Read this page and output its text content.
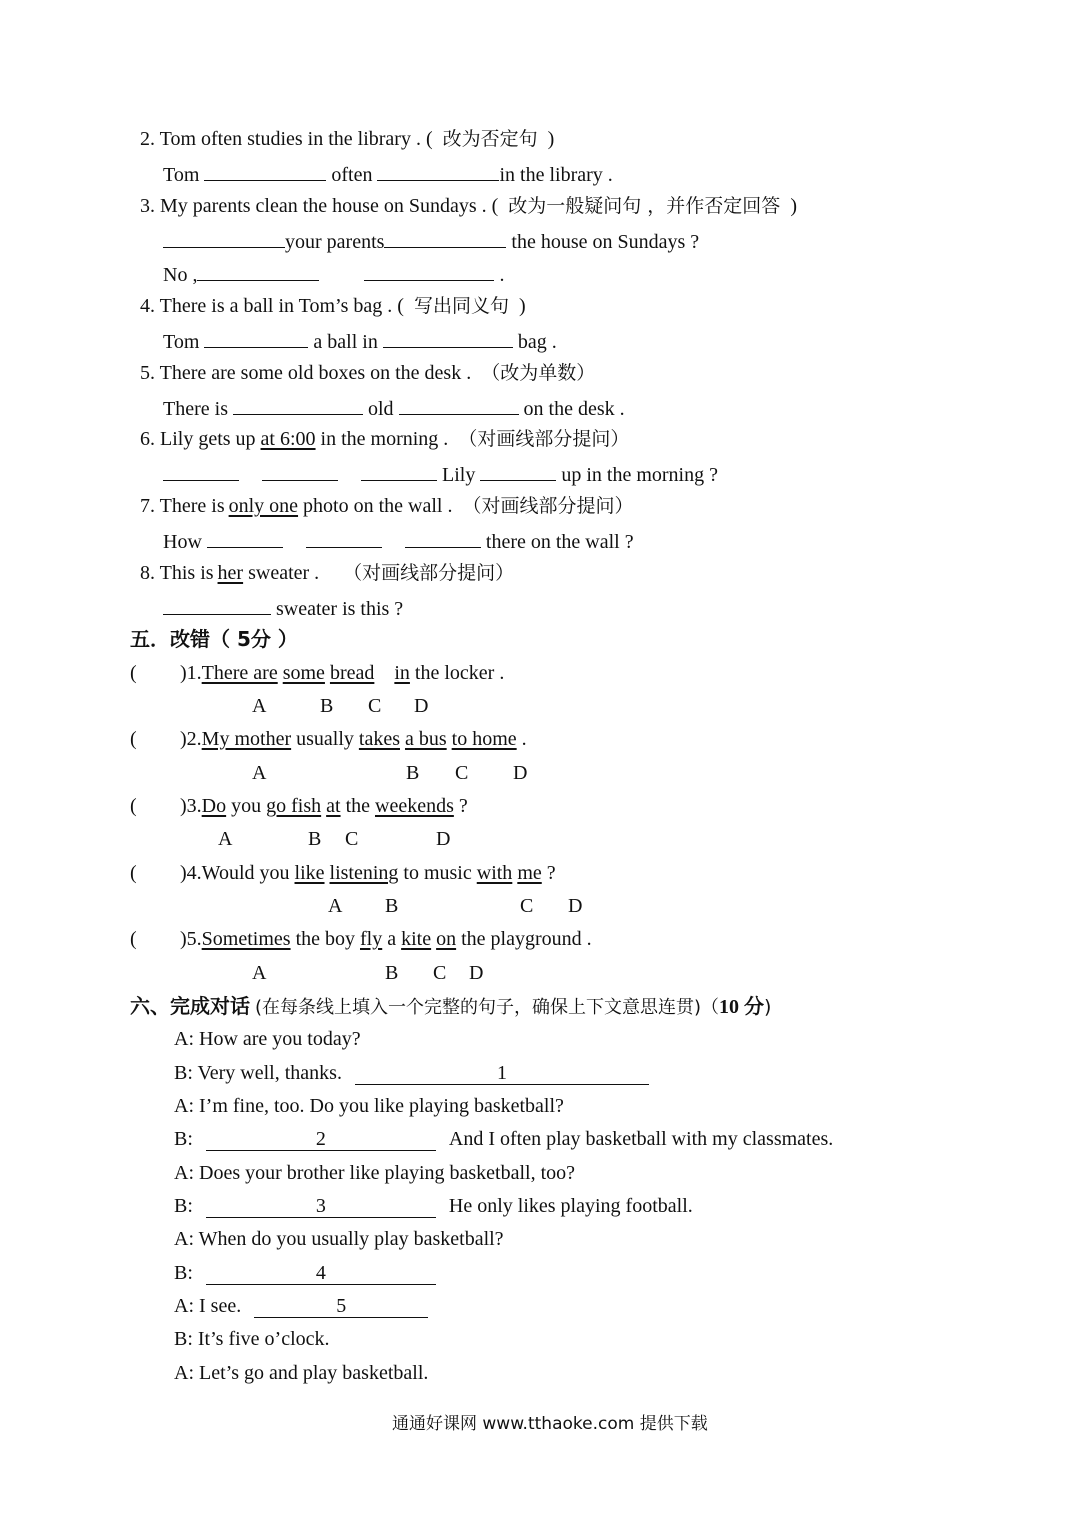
2. Tom often studies in the library . ( 改为否定句 )
Tom	often	in the library .
3. My parents clean the house on Sundays . ( 改为一般疑问句 ，并作否定回答 )
your parents	the house on Sundays ?
No ,	.
4. There is a ball in Tom’s bag . ( 写出同义句 )
Tom	a ball in	bag .
5. There are some old boxes on the desk . （改为单数）
There is	old	on the desk .
6. Lily gets up at 6:00 in the morning . （对画线部分提问）
Lily	up in the morning ?
7. There is only one photo on the wall . （对画线部分提问）
How	there on the wall ?
8. This is her sweater . （对画线部分提问）
sweater is this ?
五．改错（ 5分 ）
( )1.There are some bread in the locker .
A	B C D
( )2.My mother usually takes a bus to home .
A	B C D
( )3.Do you go fish at the weekends ?
A	B C	D
( )4.Would you like listening to music with me ?
A B	C D
( )5.Sometimes the boy fly a kite on the playground .
A	B C D
六、完成对话 (在每条线上填入一个完整的句子，确保上下文意思连贯)（10 分)
A: How are you today?
B: Very well, thanks.	1
A: I’m fine, too. Do you like playing basketball?
B:	2	And I often play basketball with my classmates.
A: Does your brother like playing basketball, too?
B:	3	He only likes playing football.
A: When do you usually play basketball?
B:	4
A: I see.	5
B: It’s five o’clock.
A: Let’s go and play basketball.
通通好课网 www.tthaoke.com 提供下载
